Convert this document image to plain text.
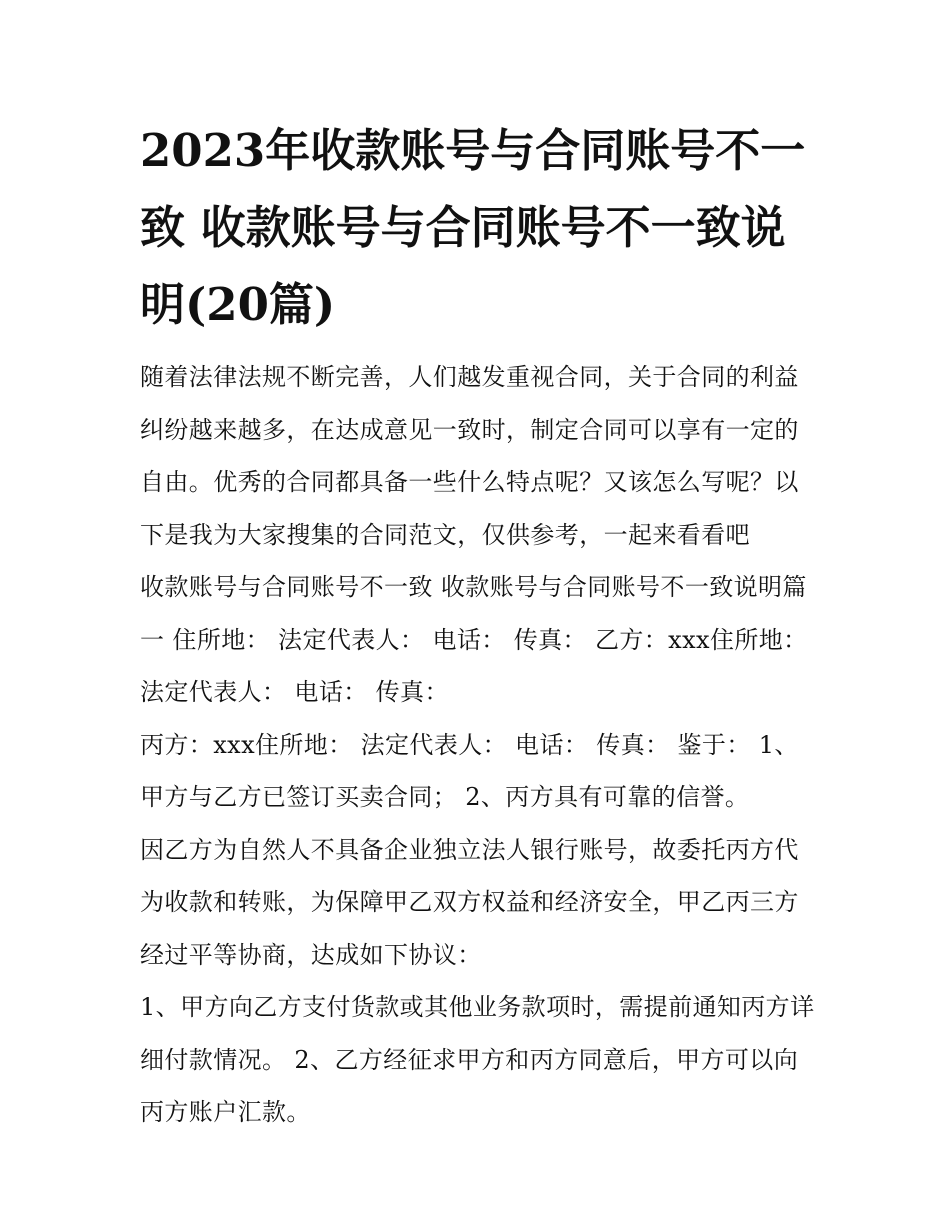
2023年收款账号与合同账号不一致 收款账号与合同账号不一致说明(20篇)

随着法律法规不断完善，人们越发重视合同，关于合同的利益纠纷越来越多，在达成意见一致时，制定合同可以享有一定的自由。优秀的合同都具备一些什么特点呢？又该怎么写呢？以下是我为大家搜集的合同范文，仅供参考，一起来看看吧

收款账号与合同账号不一致 收款账号与合同账号不一致说明篇一 住所地： 法定代表人： 电话： 传真： 乙方：xxx住所地： 法定代表人： 电话： 传真：

丙方：xxx住所地： 法定代表人： 电话： 传真： 鉴于： 1、甲方与乙方已签订买卖合同； 2、丙方具有可靠的信誉。

因乙方为自然人不具备企业独立法人银行账号，故委托丙方代为收款和转账，为保障甲乙双方权益和经济安全，甲乙丙三方经过平等协商，达成如下协议：

1、甲方向乙方支付货款或其他业务款项时，需提前通知丙方详细付款情况。 2、乙方经征求甲方和丙方同意后，甲方可以向丙方账户汇款。
